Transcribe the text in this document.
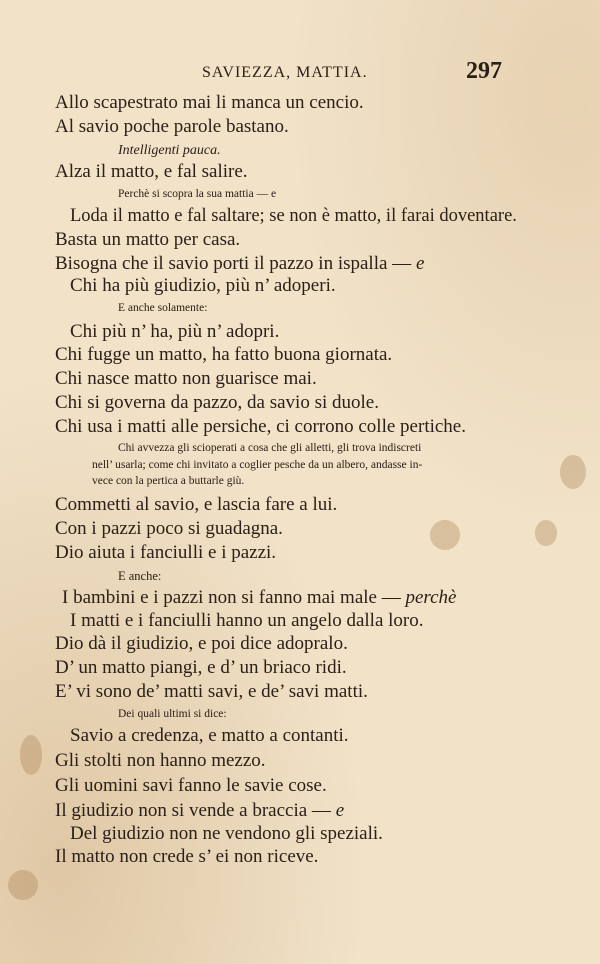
SAVIEZZA, MATTIA.	297
Allo scapestrato mai li manca un cencio.
Al savio poche parole bastano.
Intelligenti pauca.
Alza il matto, e fal salire.
Perchè si scopra la sua mattia — e
Loda il matto e fal saltare; se non è matto, il farai doventare.
Basta un matto per casa.
Bisogna che il savio porti il pazzo in ispalla — e
Chi ha più giudizio, più n’ adoperi.
E anche solamente:
Chi più n’ ha, più n’ adopri.
Chi fugge un matto, ha fatto buona giornata.
Chi nasce matto non guarisce mai.
Chi si governa da pazzo, da savio si duole.
Chi usa i matti alle persiche, ci corrono colle pertiche.
Chi avvezza gli scioperati a cosa che gli alletti, gli trova indiscreti
nell’ usarla; come chi invitato a coglier pesche da un albero, andasse in-
vece con la pertica a buttarle giù.
Commetti al savio, e lascia fare a lui.
Con i pazzi poco si guadagna.
Dio aiuta i fanciulli e i pazzi.
E anche:
I bambini e i pazzi non si fanno mai male — perchè
I matti e i fanciulli hanno un angelo dalla loro.
Dio dà il giudizio, e poi dice adopralo.
D’ un matto piangi, e d’ un briaco ridi.
E’ vi sono de’ matti savi, e de’ savi matti.
Dei quali ultimi si dice:
Savio a credenza, e matto a contanti.
Gli stolti non hanno mezzo.
Gli uomini savi fanno le savie cose.
Il giudizio non si vende a braccia — e
Del giudizio non ne vendono gli speziali.
Il matto non crede s’ ei non riceve.
